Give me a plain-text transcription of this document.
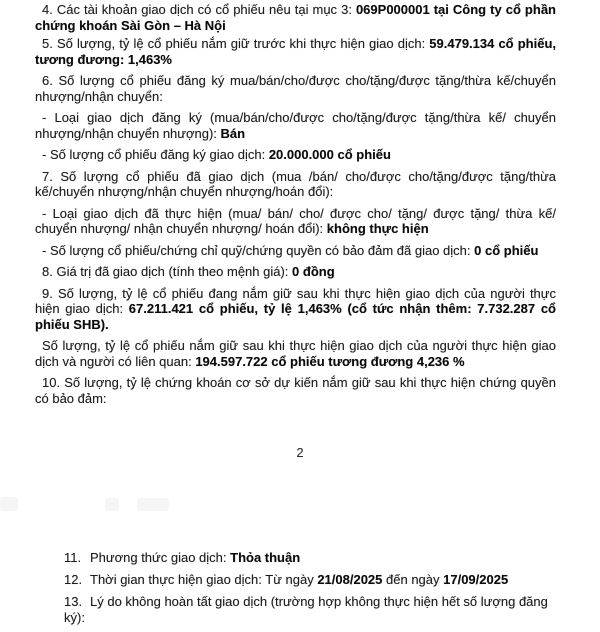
4. Các tài khoản giao dịch có cổ phiếu nêu tại mục 3: 069P000001 tại Công ty cổ phần chứng khoán Sài Gòn – Hà Nội

5. Số lượng, tỷ lệ cổ phiếu nắm giữ trước khi thực hiện giao dịch: 59.479.134 cổ phiếu, tương đương: 1,463%

6. Số lượng cổ phiếu đăng ký mua/bán/cho/được cho/tặng/được tặng/thừa kế/chuyển nhượng/nhận chuyển:

- Loại giao dịch đăng ký (mua/bán/cho/được cho/tặng/được tặng/thừa kế/ chuyển nhượng/nhận chuyển nhượng): Bán

- Số lượng cổ phiếu đăng ký giao dịch: 20.000.000 cổ phiếu

7. Số lượng cổ phiếu đã giao dịch (mua /bán/ cho/được cho/tặng/được tặng/thừa kế/chuyển nhượng/nhận chuyển nhượng/hoán đổi):

- Loại giao dịch đã thực hiện (mua/ bán/ cho/ được cho/ tặng/ được tặng/ thừa kế/ chuyển nhượng/ nhận chuyển nhượng/ hoán đổi): không thực hiện

- Số lượng cổ phiếu/chứng chỉ quỹ/chứng quyền có bảo đảm đã giao dịch: 0 cổ phiếu

8. Giá trị đã giao dịch (tính theo mệnh giá): 0 đồng

9. Số lượng, tỷ lệ cổ phiếu đang nắm giữ sau khi thực hiện giao dịch của người thực hiện giao dịch: 67.211.421 cổ phiếu, tỷ lệ 1,463% (cổ tức nhận thêm: 7.732.287 cổ phiếu SHB).

Số lượng, tỷ lệ cổ phiếu nắm giữ sau khi thực hiện giao dịch của người thực hiện giao dịch và người có liên quan: 194.597.722 cổ phiếu tương đương 4,236 %

10. Số lượng, tỷ lệ chứng khoán cơ sở dự kiến nắm giữ sau khi thực hiện chứng quyền có bảo đảm:

2

11. Phương thức giao dịch: Thỏa thuận

12. Thời gian thực hiện giao dịch: Từ ngày 21/08/2025 đến ngày 17/09/2025

13. Lý do không hoàn tất giao dịch (trường hợp không thực hiện hết số lượng đăng ký):
